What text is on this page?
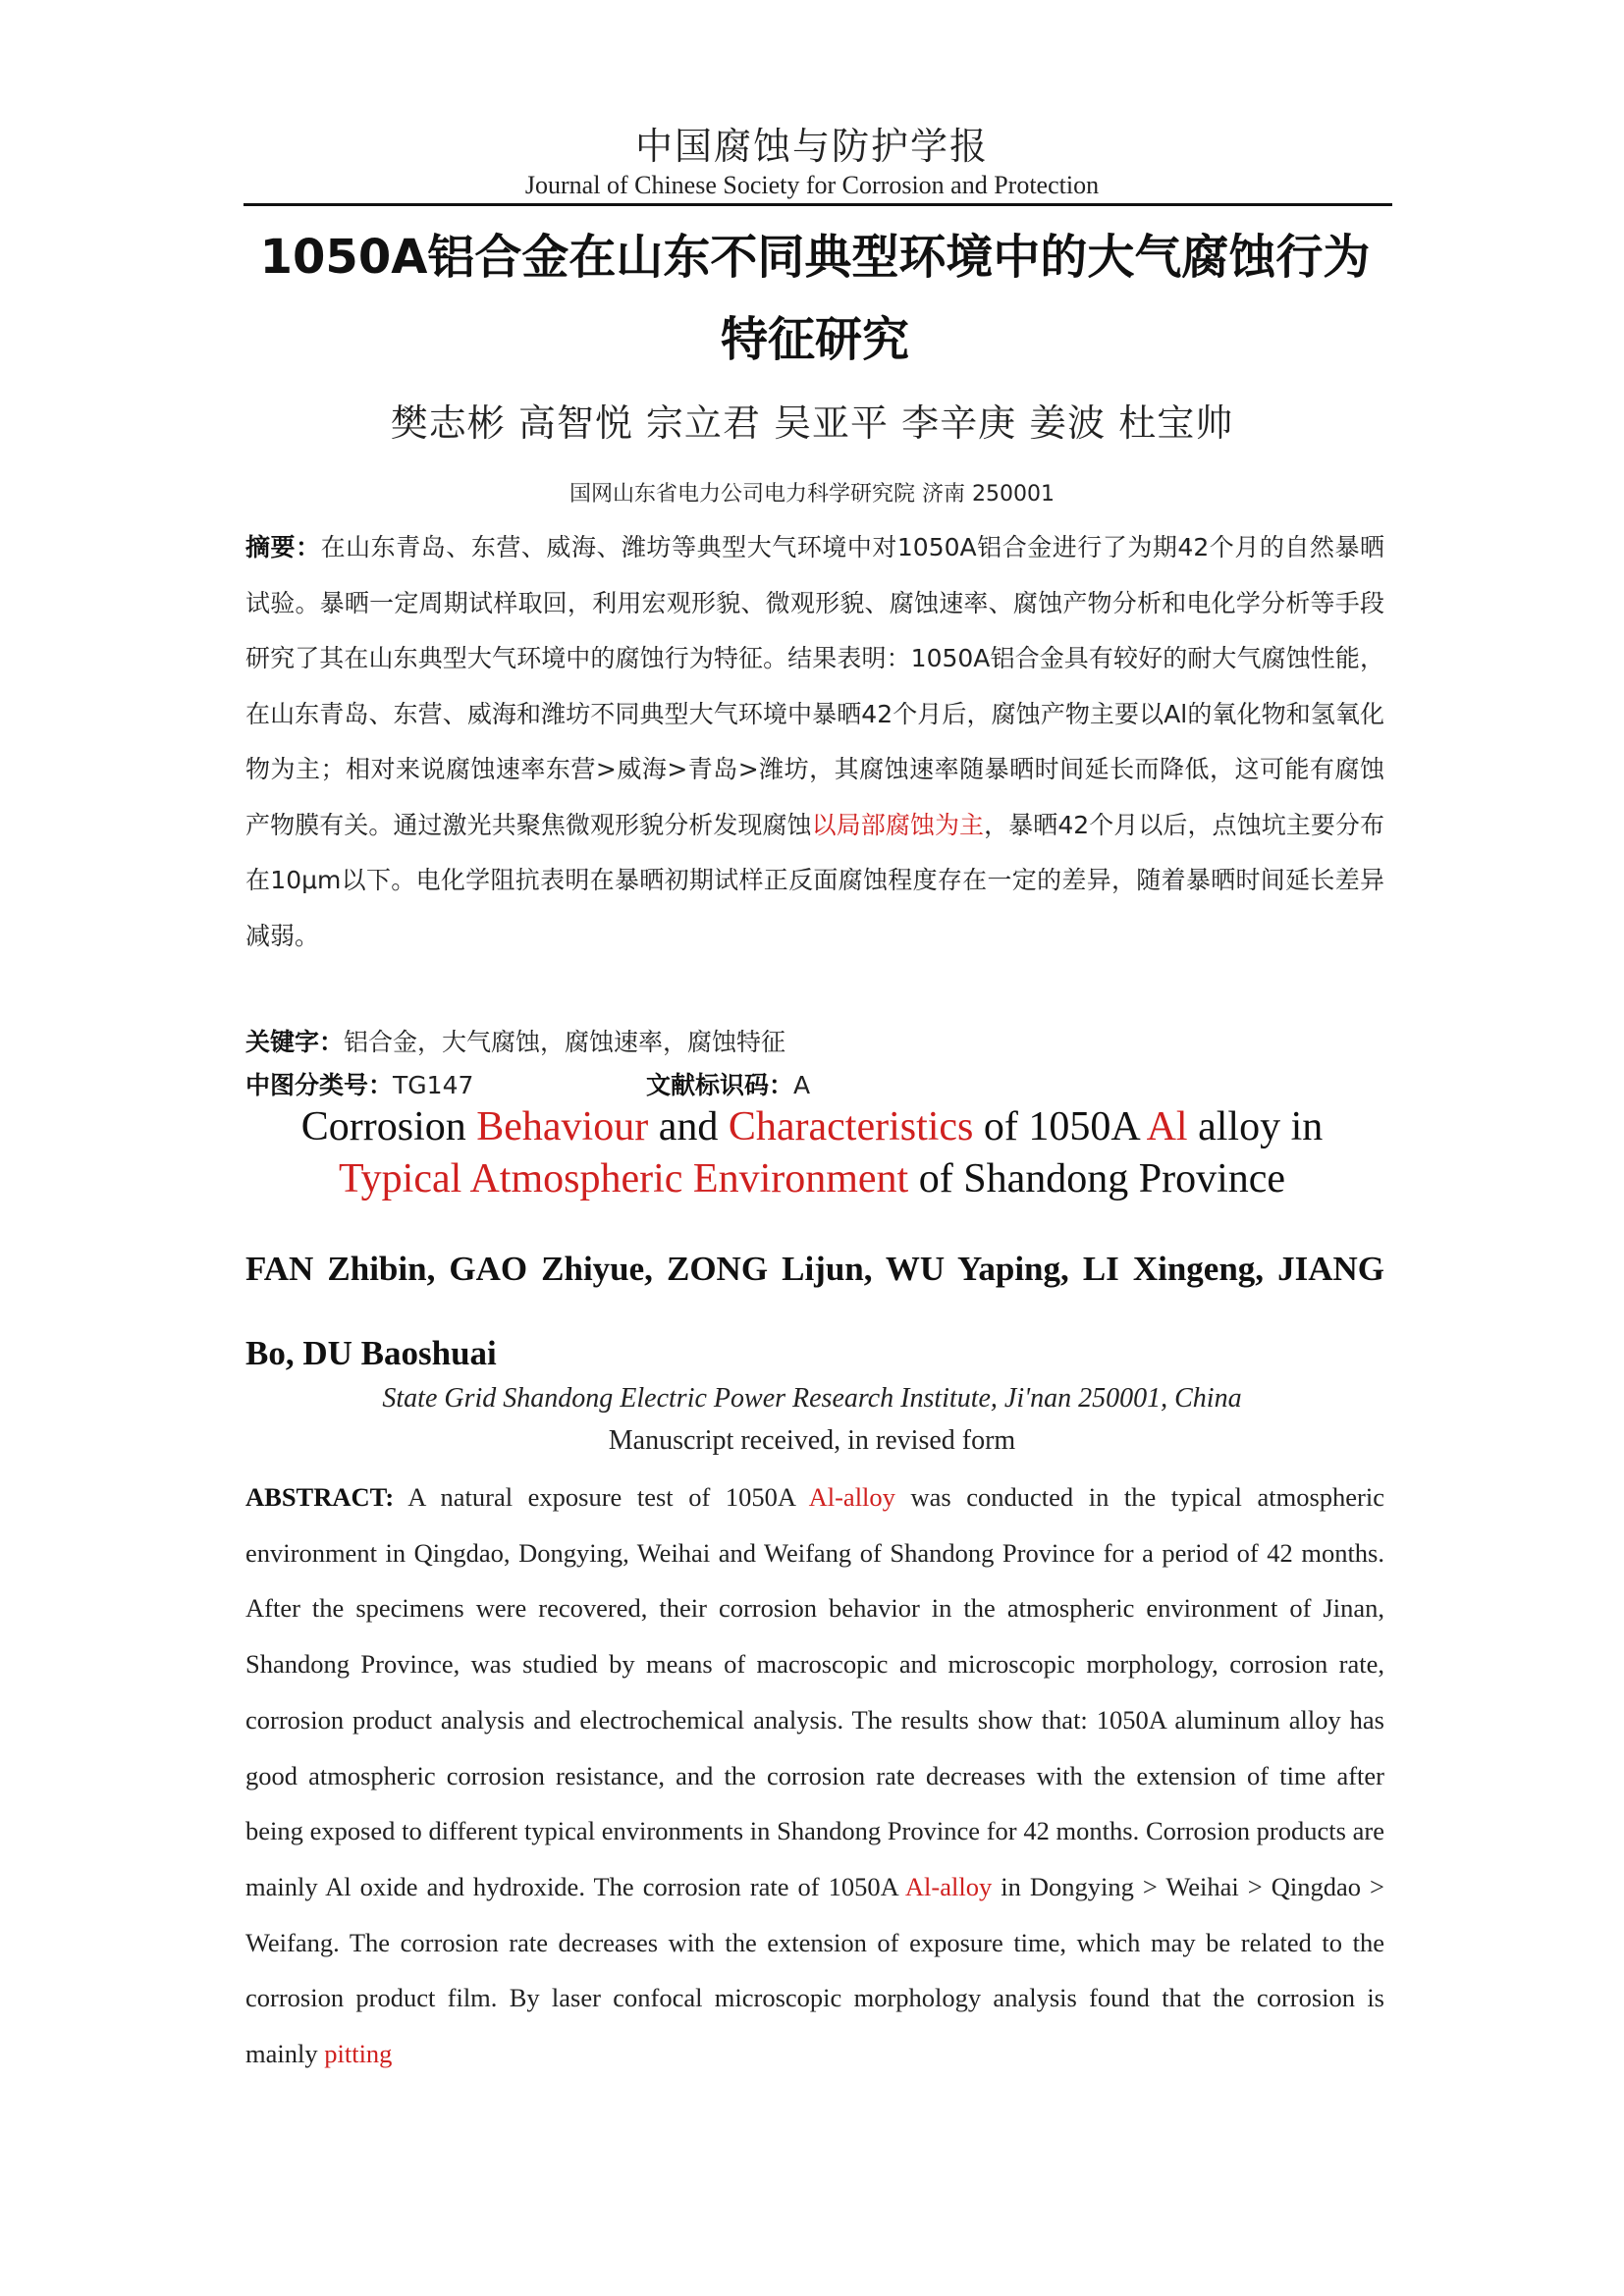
中国腐蚀与防护学报
Journal of Chinese Society for Corrosion and Protection
1050A铝合金在山东不同典型环境中的大气腐蚀行为特征研究
樊志彬 高智悦 宗立君 吴亚平 李辛庚 姜波 杜宝帅
国网山东省电力公司电力科学研究院 济南 250001

摘要：在山东青岛、东营、威海、潍坊等典型大气环境中对1050A铝合金进行了为期42个月的自然暴晒试验。暴晒一定周期试样取回，利用宏观形貌、微观形貌、腐蚀速率、腐蚀产物分析和电化学分析等手段研究了其在山东典型大气环境中的腐蚀行为特征。结果表明：1050A铝合金具有较好的耐大气腐蚀性能，在山东青岛、东营、威海和潍坊不同典型大气环境中暴晒42个月后，腐蚀产物主要以Al的氧化物和氢氧化物为主；相对来说腐蚀速率东营>威海>青岛>潍坊，其腐蚀速率随暴晒时间延长而降低，这可能有腐蚀产物膜有关。通过激光共聚焦微观形貌分析发现腐蚀以局部腐蚀为主，暴晒42个月以后，点蚀坑主要分布在10μm以下。电化学阻抗表明在暴晒初期试样正反面腐蚀程度存在一定的差异，随着暴晒时间延长差异减弱。

关键字：铝合金，大气腐蚀，腐蚀速率，腐蚀特征
中图分类号：TG147	文献标识码：A
Corrosion Behaviour and Characteristics of 1050A Al alloy in
Typical Atmospheric Environment of Shandong Province

FAN Zhibin, GAO Zhiyue, ZONG Lijun, WU Yaping, LI Xingeng, JIANG Bo, DU Baoshuai

State Grid Shandong Electric Power Research Institute, Ji'nan 250001, China
Manuscript received, in revised form

ABSTRACT: A natural exposure test of 1050A Al-alloy was conducted in the typical atmospheric environment in Qingdao, Dongying, Weihai and Weifang of Shandong Province for a period of 42 months. After the specimens were recovered, their corrosion behavior in the atmospheric environment of Jinan, Shandong Province, was studied by means of macroscopic and microscopic morphology, corrosion rate, corrosion product analysis and electrochemical analysis. The results show that: 1050A aluminum alloy has good atmospheric corrosion resistance, and the corrosion rate decreases with the extension of time after being exposed to different typical environments in Shandong Province for 42 months. Corrosion products are mainly Al oxide and hydroxide. The corrosion rate of 1050A Al-alloy in Dongying > Weihai > Qingdao > Weifang. The corrosion rate decreases with the extension of exposure time, which may be related to the corrosion product film. By laser confocal microscopic morphology analysis found that the corrosion is mainly pitting
